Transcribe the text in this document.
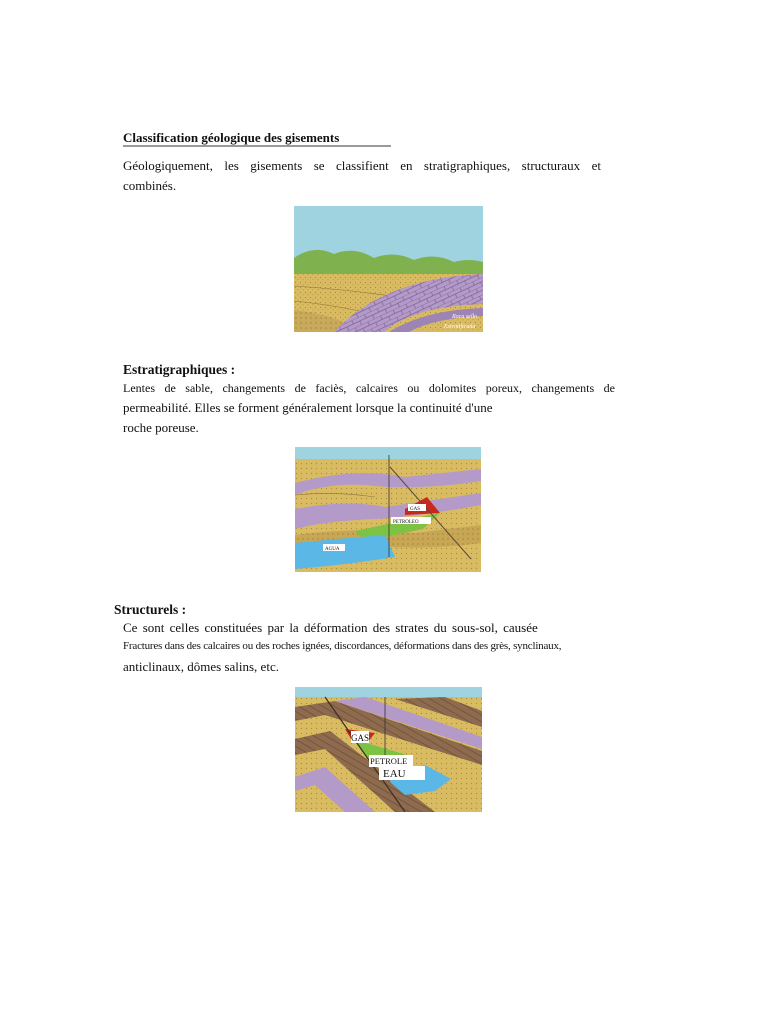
Classification géologique des gisements
Géologiquement, les gisements se classifient en stratigraphiques, structuraux et
combinés.
Roca sello
Estratificada
Estratigraphiques :
Lentes de sable, changements de faciès, calcaires ou dolomites poreux, changements de
permeabilité. Elles se forment généralement lorsque la continuité d'une
roche poreuse.
GAS
PETROLEO
AGUA
Structurels :
Ce sont celles constituées par la déformation des strates du sous-sol, causée
Fractures dans des calcaires ou des roches ignées, discordances, déformations dans des grès, synclinaux,
anticlinaux, dômes salins, etc.
GAS
PETROLE
EAU
